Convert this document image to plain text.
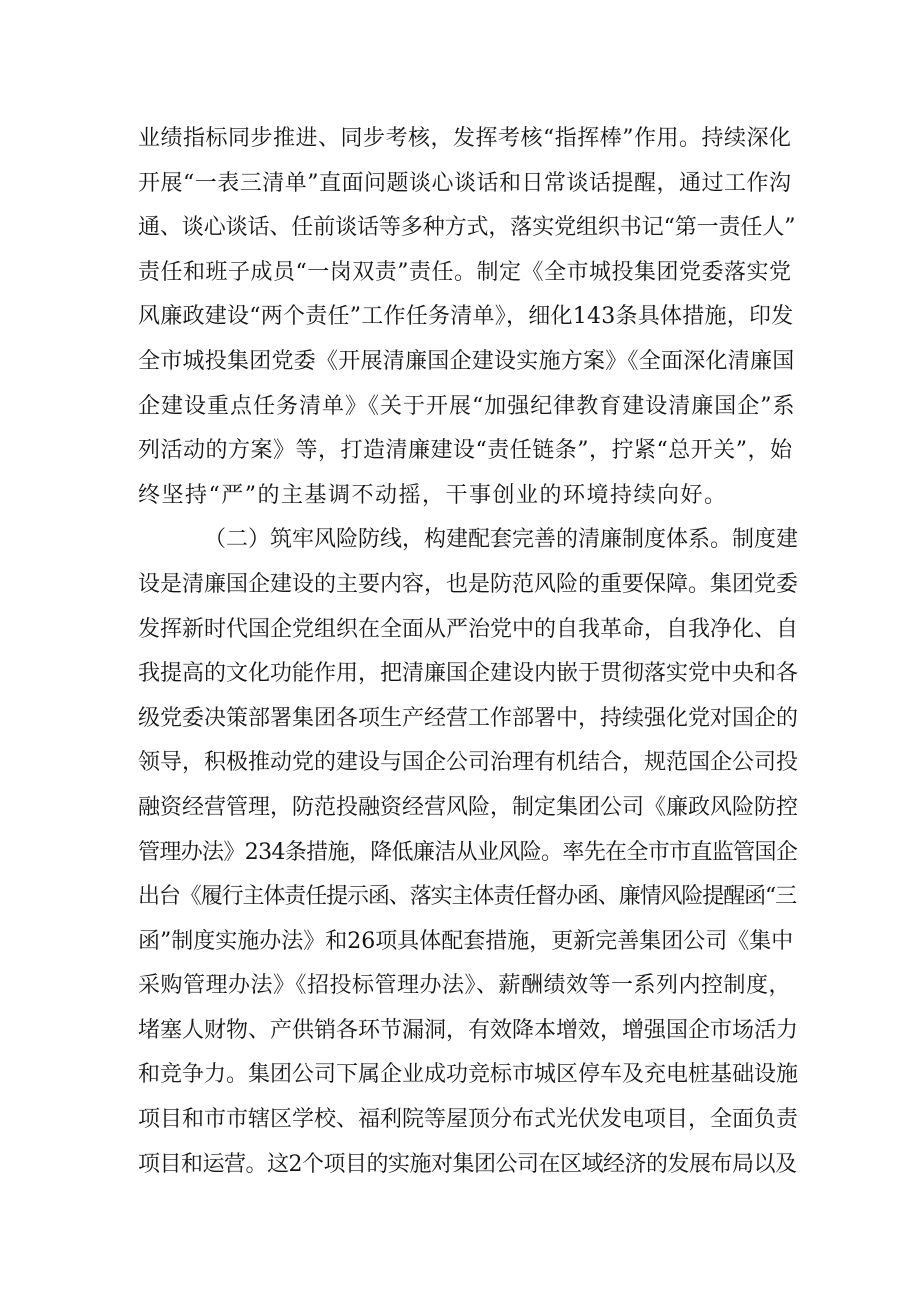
业绩指标同步推进、同步考核，发挥考核“指挥棒”作用。持续深化
开展“一表三清单”直面问题谈心谈话和日常谈话提醒，通过工作沟
通、谈心谈话、任前谈话等多种方式，落实党组织书记“第一责任人”
责任和班子成员“一岗双责”责任。制定《全市城投集团党委落实党
风廉政建设“两个责任”工作任务清单》，细化143条具体措施，印发
全市城投集团党委《开展清廉国企建设实施方案》《全面深化清廉国
企建设重点任务清单》《关于开展“加强纪律教育建设清廉国企”系
列活动的方案》等，打造清廉建设“责任链条”，拧紧“总开关”，始
终坚持“严”的主基调不动摇，干事创业的环境持续向好。
（二）筑牢风险防线，构建配套完善的清廉制度体系。制度建
设是清廉国企建设的主要内容，也是防范风险的重要保障。集团党委
发挥新时代国企党组织在全面从严治党中的自我革命，自我净化、自
我提高的文化功能作用，把清廉国企建设内嵌于贯彻落实党中央和各
级党委决策部署集团各项生产经营工作部署中，持续强化党对国企的
领导，积极推动党的建设与国企公司治理有机结合，规范国企公司投
融资经营管理，防范投融资经营风险，制定集团公司《廉政风险防控
管理办法》234条措施，降低廉洁从业风险。率先在全市市直监管国企
出台《履行主体责任提示函、落实主体责任督办函、廉情风险提醒函“三
函”制度实施办法》和26项具体配套措施，更新完善集团公司《集中
采购管理办法》《招投标管理办法》、薪酬绩效等一系列内控制度，
堵塞人财物、产供销各环节漏洞，有效降本增效，增强国企市场活力
和竞争力。集团公司下属企业成功竞标市城区停车及充电桩基础设施
项目和市市辖区学校、福利院等屋顶分布式光伏发电项目，全面负责
项目和运营。这2个项目的实施对集团公司在区域经济的发展布局以及
